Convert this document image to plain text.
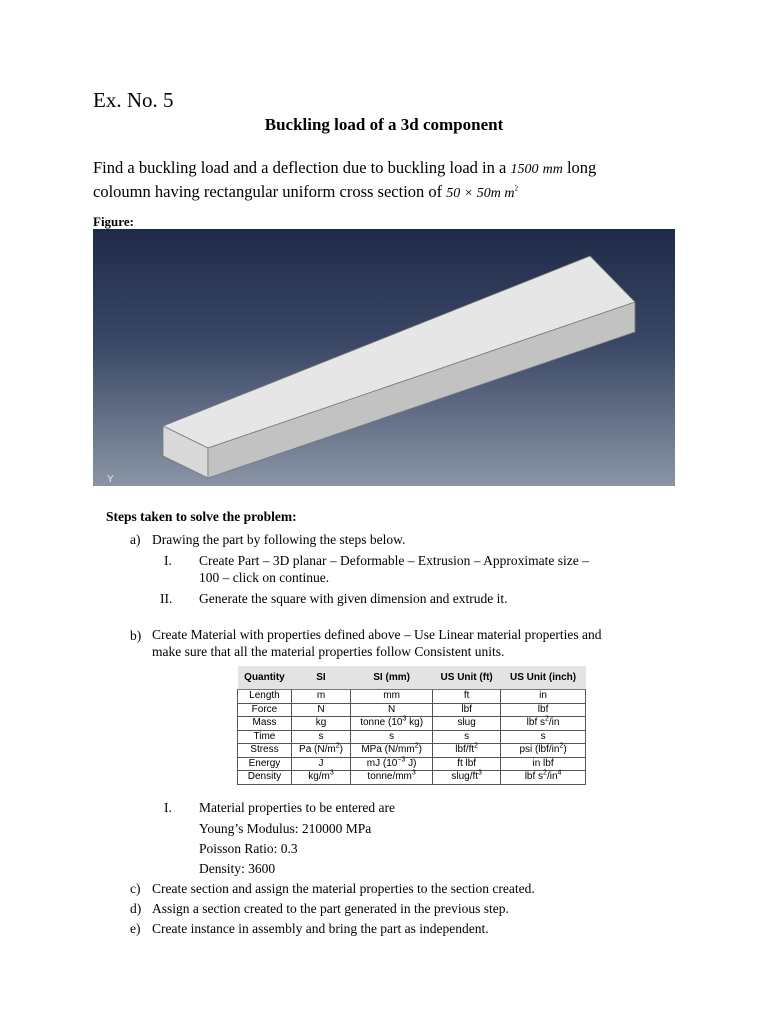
Ex. No. 5
Buckling load of a 3d component
Find a buckling load and a deflection due to buckling load in a 1500 mm long
coloumn having rectangular uniform cross section of 50 × 50m $m^2$
Figure:
Y
Steps taken to solve the problem:
a) Drawing the part by following the steps below.
I. Create Part – 3D planar – Deformable – Extrusion – Approximate size –
100 – click on continue.
II. Generate the square with given dimension and extrude it.
b) Create Material with properties defined above – Use Linear material properties and
make sure that all the material properties follow Consistent units.
Quantity	SI	SI (mm)	US Unit (ft)	US Unit (inch)
Length	m	mm	ft	in
Force	N	N	lbf	lbf
Mass	kg	tonne ($10^3$ kg)	slug	lbf $s^2/in$
Time	s	s	s	s
Stress	Pa $(N/m^2)$	MPa $(N/mm^2)$	lbf/$ft^2$	psi $(lbf/in^2)$
Energy	J	mJ ($10^{-3}$ J)	ft lbf	in lbf
Density	$kg/m^3$	tonne/$mm^3$	slug/$ft^3$	lbf $s^2/in^4$
I. Material properties to be entered are
Young’s Modulus: 210000 MPa
Poisson Ratio: 0.3
Density: 3600
c) Create section and assign the material properties to the section created.
d) Assign a section created to the part generated in the previous step.
e) Create instance in assembly and bring the part as independent.
